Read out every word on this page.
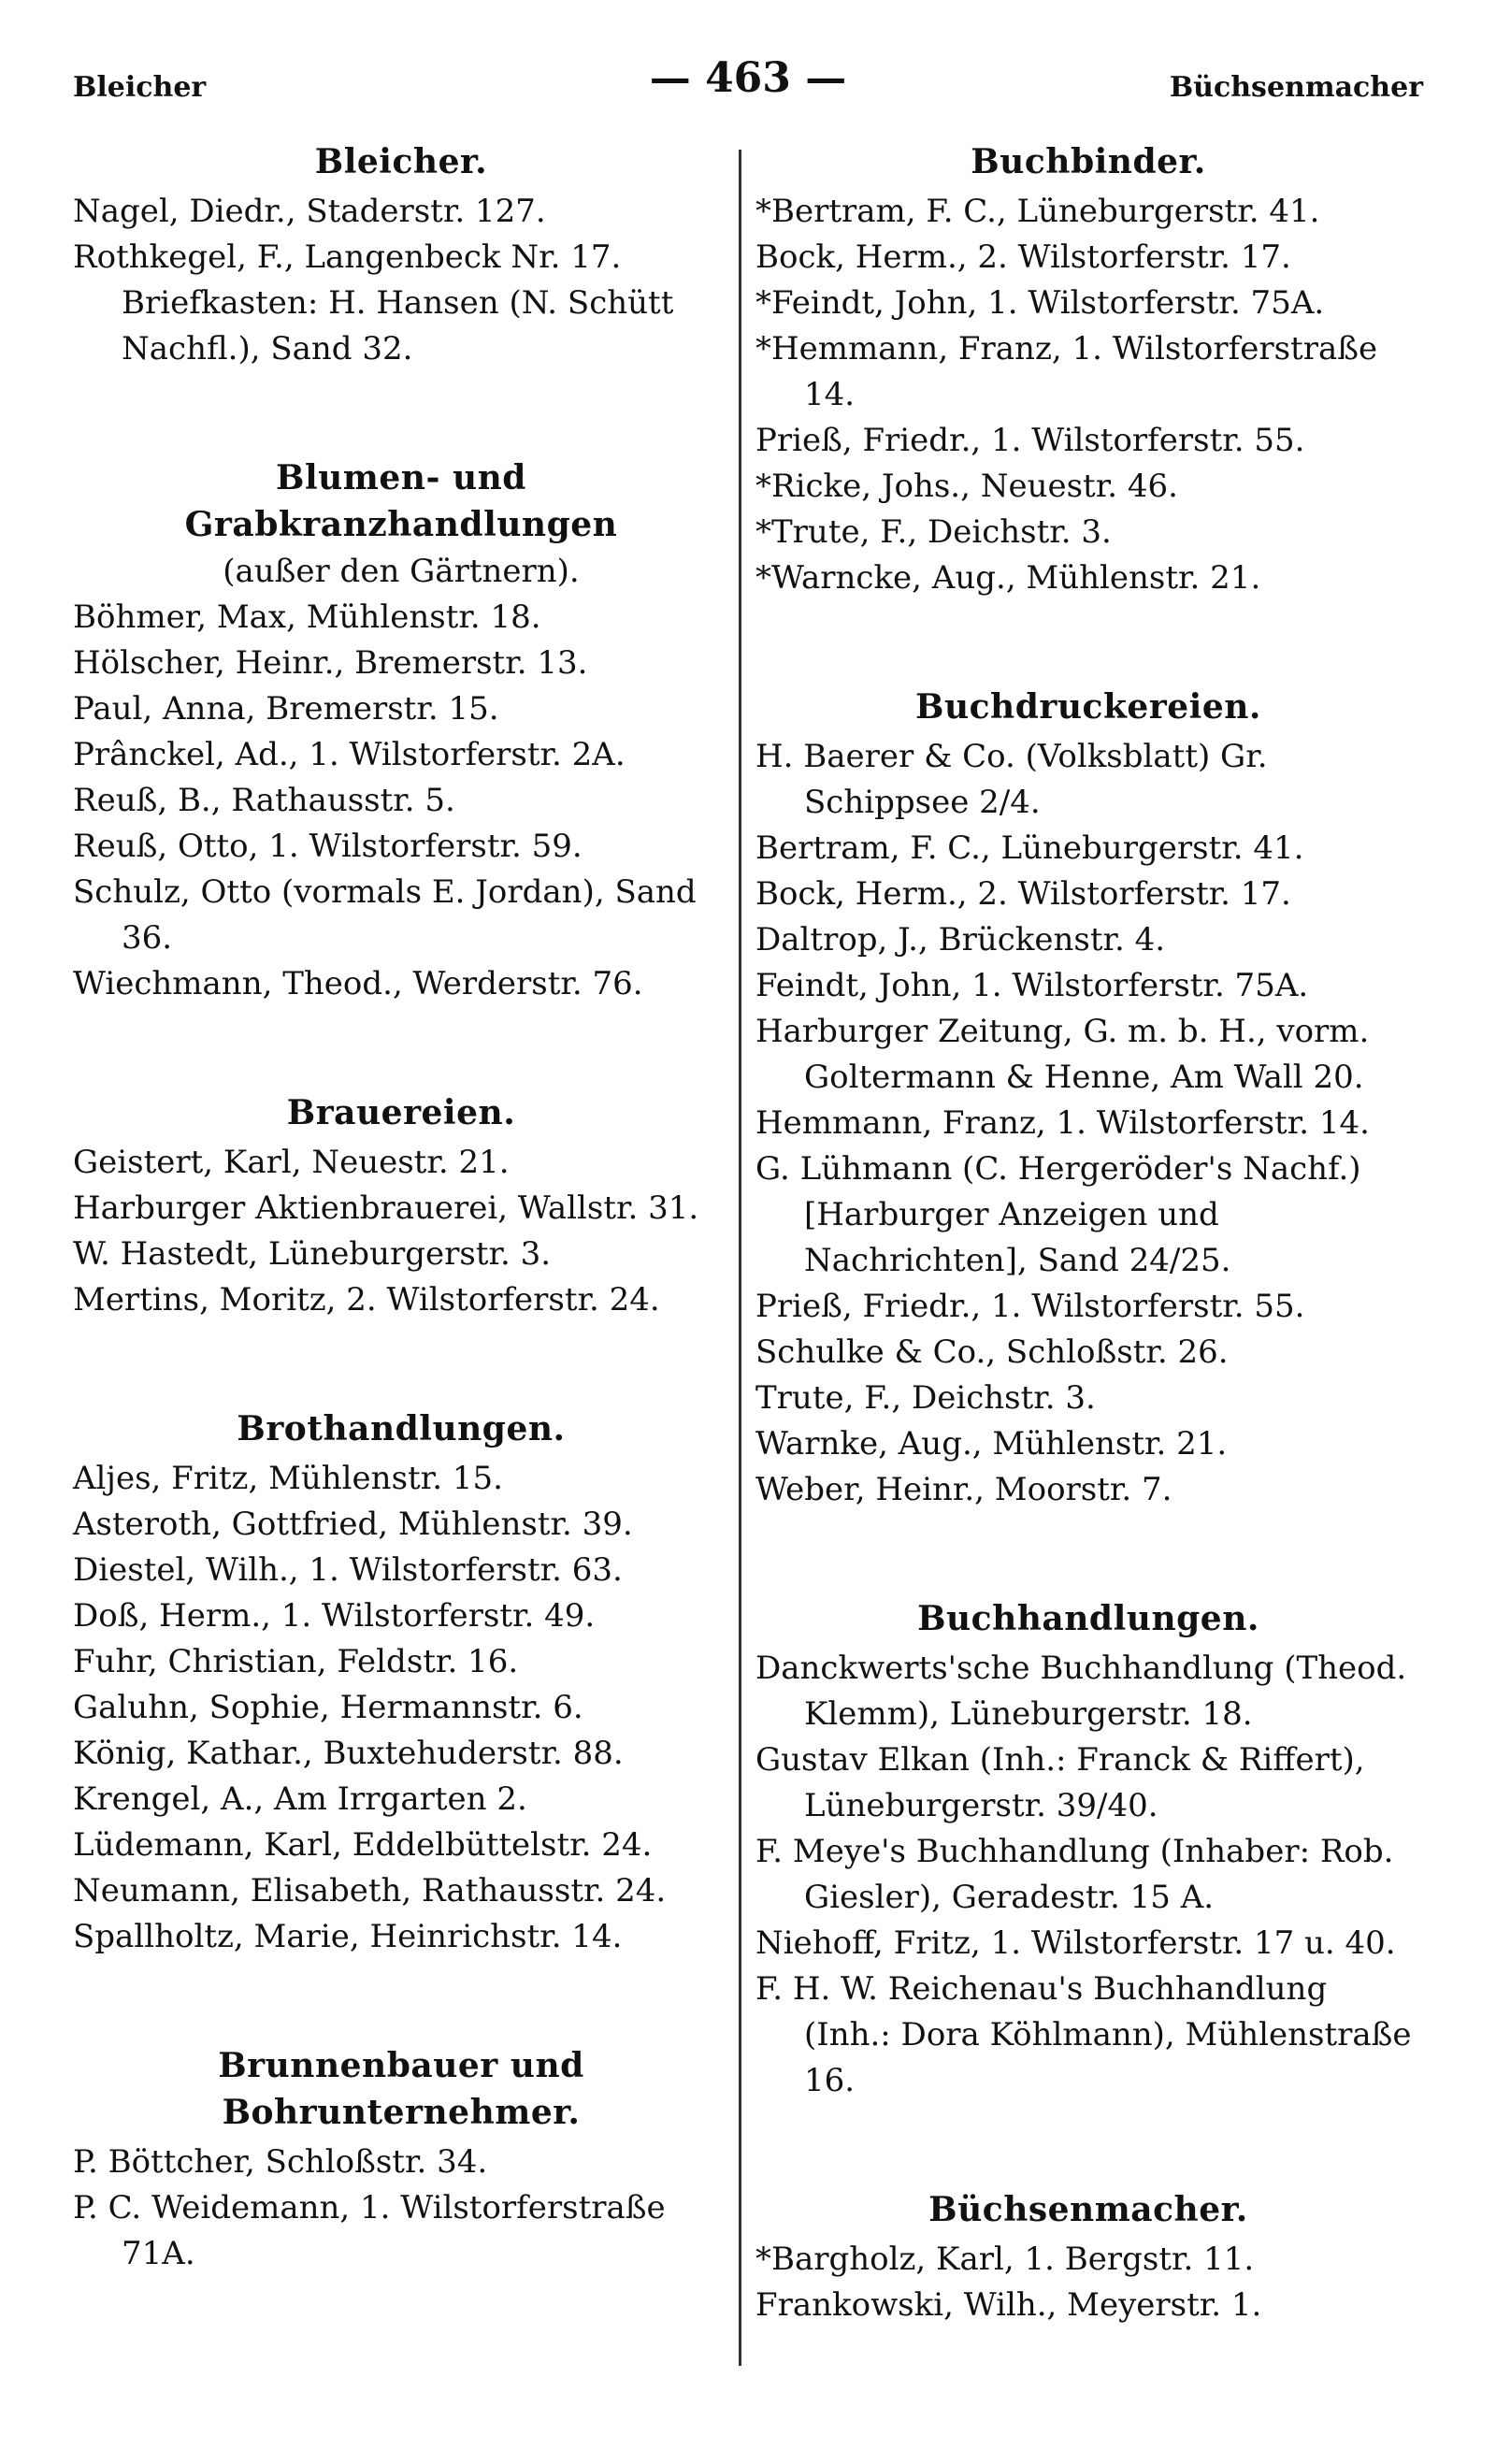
Bleicher	— 463 —	Büchsenmacher
Bleicher.
Nagel, Diedr., Staderstr. 127.
Rothkegel, F., Langenbeck Nr. 17.
Briefkasten: H. Hansen (N. Schütt Nachfl.), Sand 32.
Blumen- und Grabkranzhandlungen
(außer den Gärtnern).
Böhmer, Max, Mühlenstr. 18.
Hölscher, Heinr., Bremerstr. 13.
Paul, Anna, Bremerstr. 15.
Prânckel, Ad., 1. Wilstorferstr. 2A.
Reuß, B., Rathausstr. 5.
Reuß, Otto, 1. Wilstorferstr. 59.
Schulz, Otto (vormals E. Jordan), Sand 36.
Wiechmann, Theod., Werderstr. 76.
Brauereien.
Geistert, Karl, Neuestr. 21.
Harburger Aktienbrauerei, Wallstr. 31.
W. Hastedt, Lüneburgerstr. 3.
Mertins, Moritz, 2. Wilstorferstr. 24.
Brothandlungen.
Aljes, Fritz, Mühlenstr. 15.
Asteroth, Gottfried, Mühlenstr. 39.
Diestel, Wilh., 1. Wilstorferstr. 63.
Doß, Herm., 1. Wilstorferstr. 49.
Fuhr, Christian, Feldstr. 16.
Galuhn, Sophie, Hermannstr. 6.
König, Kathar., Buxtehuderstr. 88.
Krengel, A., Am Irrgarten 2.
Lüdemann, Karl, Eddelbüttelstr. 24.
Neumann, Elisabeth, Rathausstr. 24.
Spallholtz, Marie, Heinrichstr. 14.
Brunnenbauer und Bohrunternehmer.
P. Böttcher, Schloßstr. 34.
P. C. Weidemann, 1. Wilstorferstraße 71A.
Buchbinder.
*Bertram, F. C., Lüneburgerstr. 41.
Bock, Herm., 2. Wilstorferstr. 17.
*Feindt, John, 1. Wilstorferstr. 75A.
*Hemmann, Franz, 1. Wilstorferstraße 14.
Prieß, Friedr., 1. Wilstorferstr. 55.
*Ricke, Johs., Neuestr. 46.
*Trute, F., Deichstr. 3.
*Warncke, Aug., Mühlenstr. 21.
Buchdruckereien.
H. Baerer & Co. (Volksblatt) Gr. Schippsee 2/4.
Bertram, F. C., Lüneburgerstr. 41.
Bock, Herm., 2. Wilstorferstr. 17.
Daltrop, J., Brückenstr. 4.
Feindt, John, 1. Wilstorferstr. 75A.
Harburger Zeitung, G. m. b. H., vorm. Goltermann & Henne, Am Wall 20.
Hemmann, Franz, 1. Wilstorferstr. 14.
G. Lühmann (C. Hergeröder's Nachf.) [Harburger Anzeigen und Nachrichten], Sand 24/25.
Prieß, Friedr., 1. Wilstorferstr. 55.
Schulke & Co., Schloßstr. 26.
Trute, F., Deichstr. 3.
Warnke, Aug., Mühlenstr. 21.
Weber, Heinr., Moorstr. 7.
Buchhandlungen.
Danckwerts'sche Buchhandlung (Theod. Klemm), Lüneburgerstr. 18.
Gustav Elkan (Inh.: Franck & Riffert), Lüneburgerstr. 39/40.
F. Meye's Buchhandlung (Inhaber: Rob. Giesler), Geradestr. 15 A.
Niehoff, Fritz, 1. Wilstorferstr. 17 u. 40.
F. H. W. Reichenau's Buchhandlung (Inh.: Dora Köhlmann), Mühlenstraße 16.
Büchsenmacher.
*Bargholz, Karl, 1. Bergstr. 11.
Frankowski, Wilh., Meyerstr. 1.
